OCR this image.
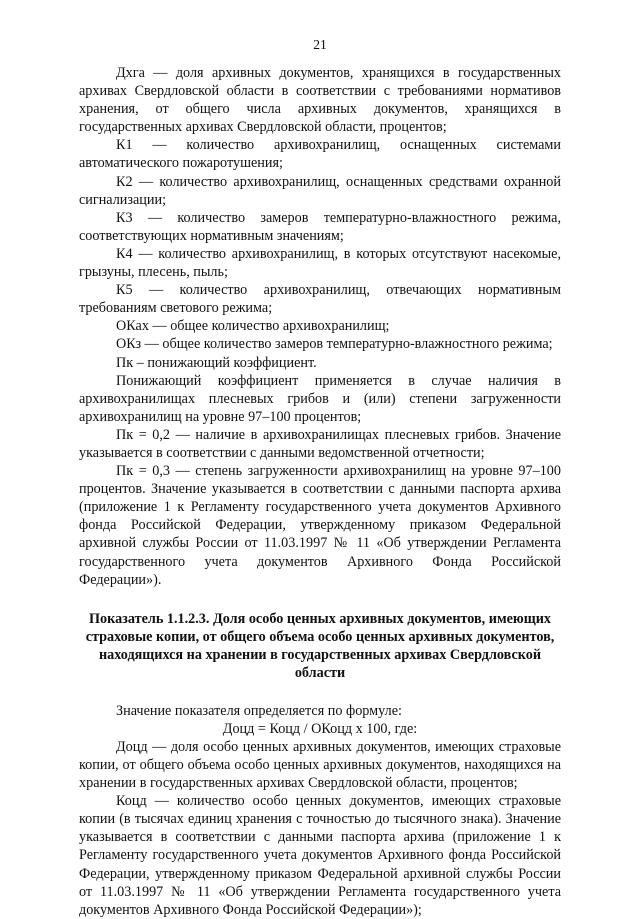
21

Дхга — доля архивных документов, хранящихся в государственных архивах Свердловской области в соответствии с требованиями нормативов хранения, от общего числа архивных документов, хранящихся в государственных архивах Свердловской области, процентов;

К1 — количество архивохранилищ, оснащенных системами автоматического пожаротушения;

К2 — количество архивохранилищ, оснащенных средствами охранной сигнализации;

К3 — количество замеров температурно-влажностного режима, соответствующих нормативным значениям;

К4 — количество архивохранилищ, в которых отсутствуют насекомые, грызуны, плесень, пыль;

К5 — количество архивохранилищ, отвечающих нормативным требованиям светового режима;

ОКах — общее количество архивохранилищ;

ОКз — общее количество замеров температурно-влажностного режима;

Пк – понижающий коэффициент.

Понижающий коэффициент применяется в случае наличия в архивохранилищах плесневых грибов и (или) степени загруженности архивохранилищ на уровне 97–100 процентов;

Пк = 0,2 — наличие в архивохранилищах плесневых грибов. Значение указывается в соответствии с данными ведомственной отчетности;

Пк = 0,3 — степень загруженности архивохранилищ на уровне 97–100 процентов. Значение указывается в соответствии с данными паспорта архива (приложение 1 к Регламенту государственного учета документов Архивного фонда Российской Федерации, утвержденному приказом Федеральной архивной службы России от 11.03.1997 № 11 «Об утверждении Регламента государственного учета документов Архивного Фонда Российской Федерации»).

Показатель 1.1.2.3. Доля особо ценных архивных документов, имеющих страховые копии, от общего объема особо ценных архивных документов, находящихся на хранении в государственных архивах Свердловской области

Значение показателя определяется по формуле:

Доцд = Коцд / ОКоцд x 100, где:

Доцд — доля особо ценных архивных документов, имеющих страховые копии, от общего объема особо ценных архивных документов, находящихся на хранении в государственных архивах Свердловской области, процентов;

Коцд — количество особо ценных документов, имеющих страховые копии (в тысячах единиц хранения с точностью до тысячного знака). Значение указывается в соответствии с данными паспорта архива (приложение 1 к Регламенту государственного учета документов Архивного фонда Российской Федерации, утвержденному приказом Федеральной архивной службы России от 11.03.1997 № 11 «Об утверждении Регламента государственного учета документов Архивного Фонда Российской Федерации»);
